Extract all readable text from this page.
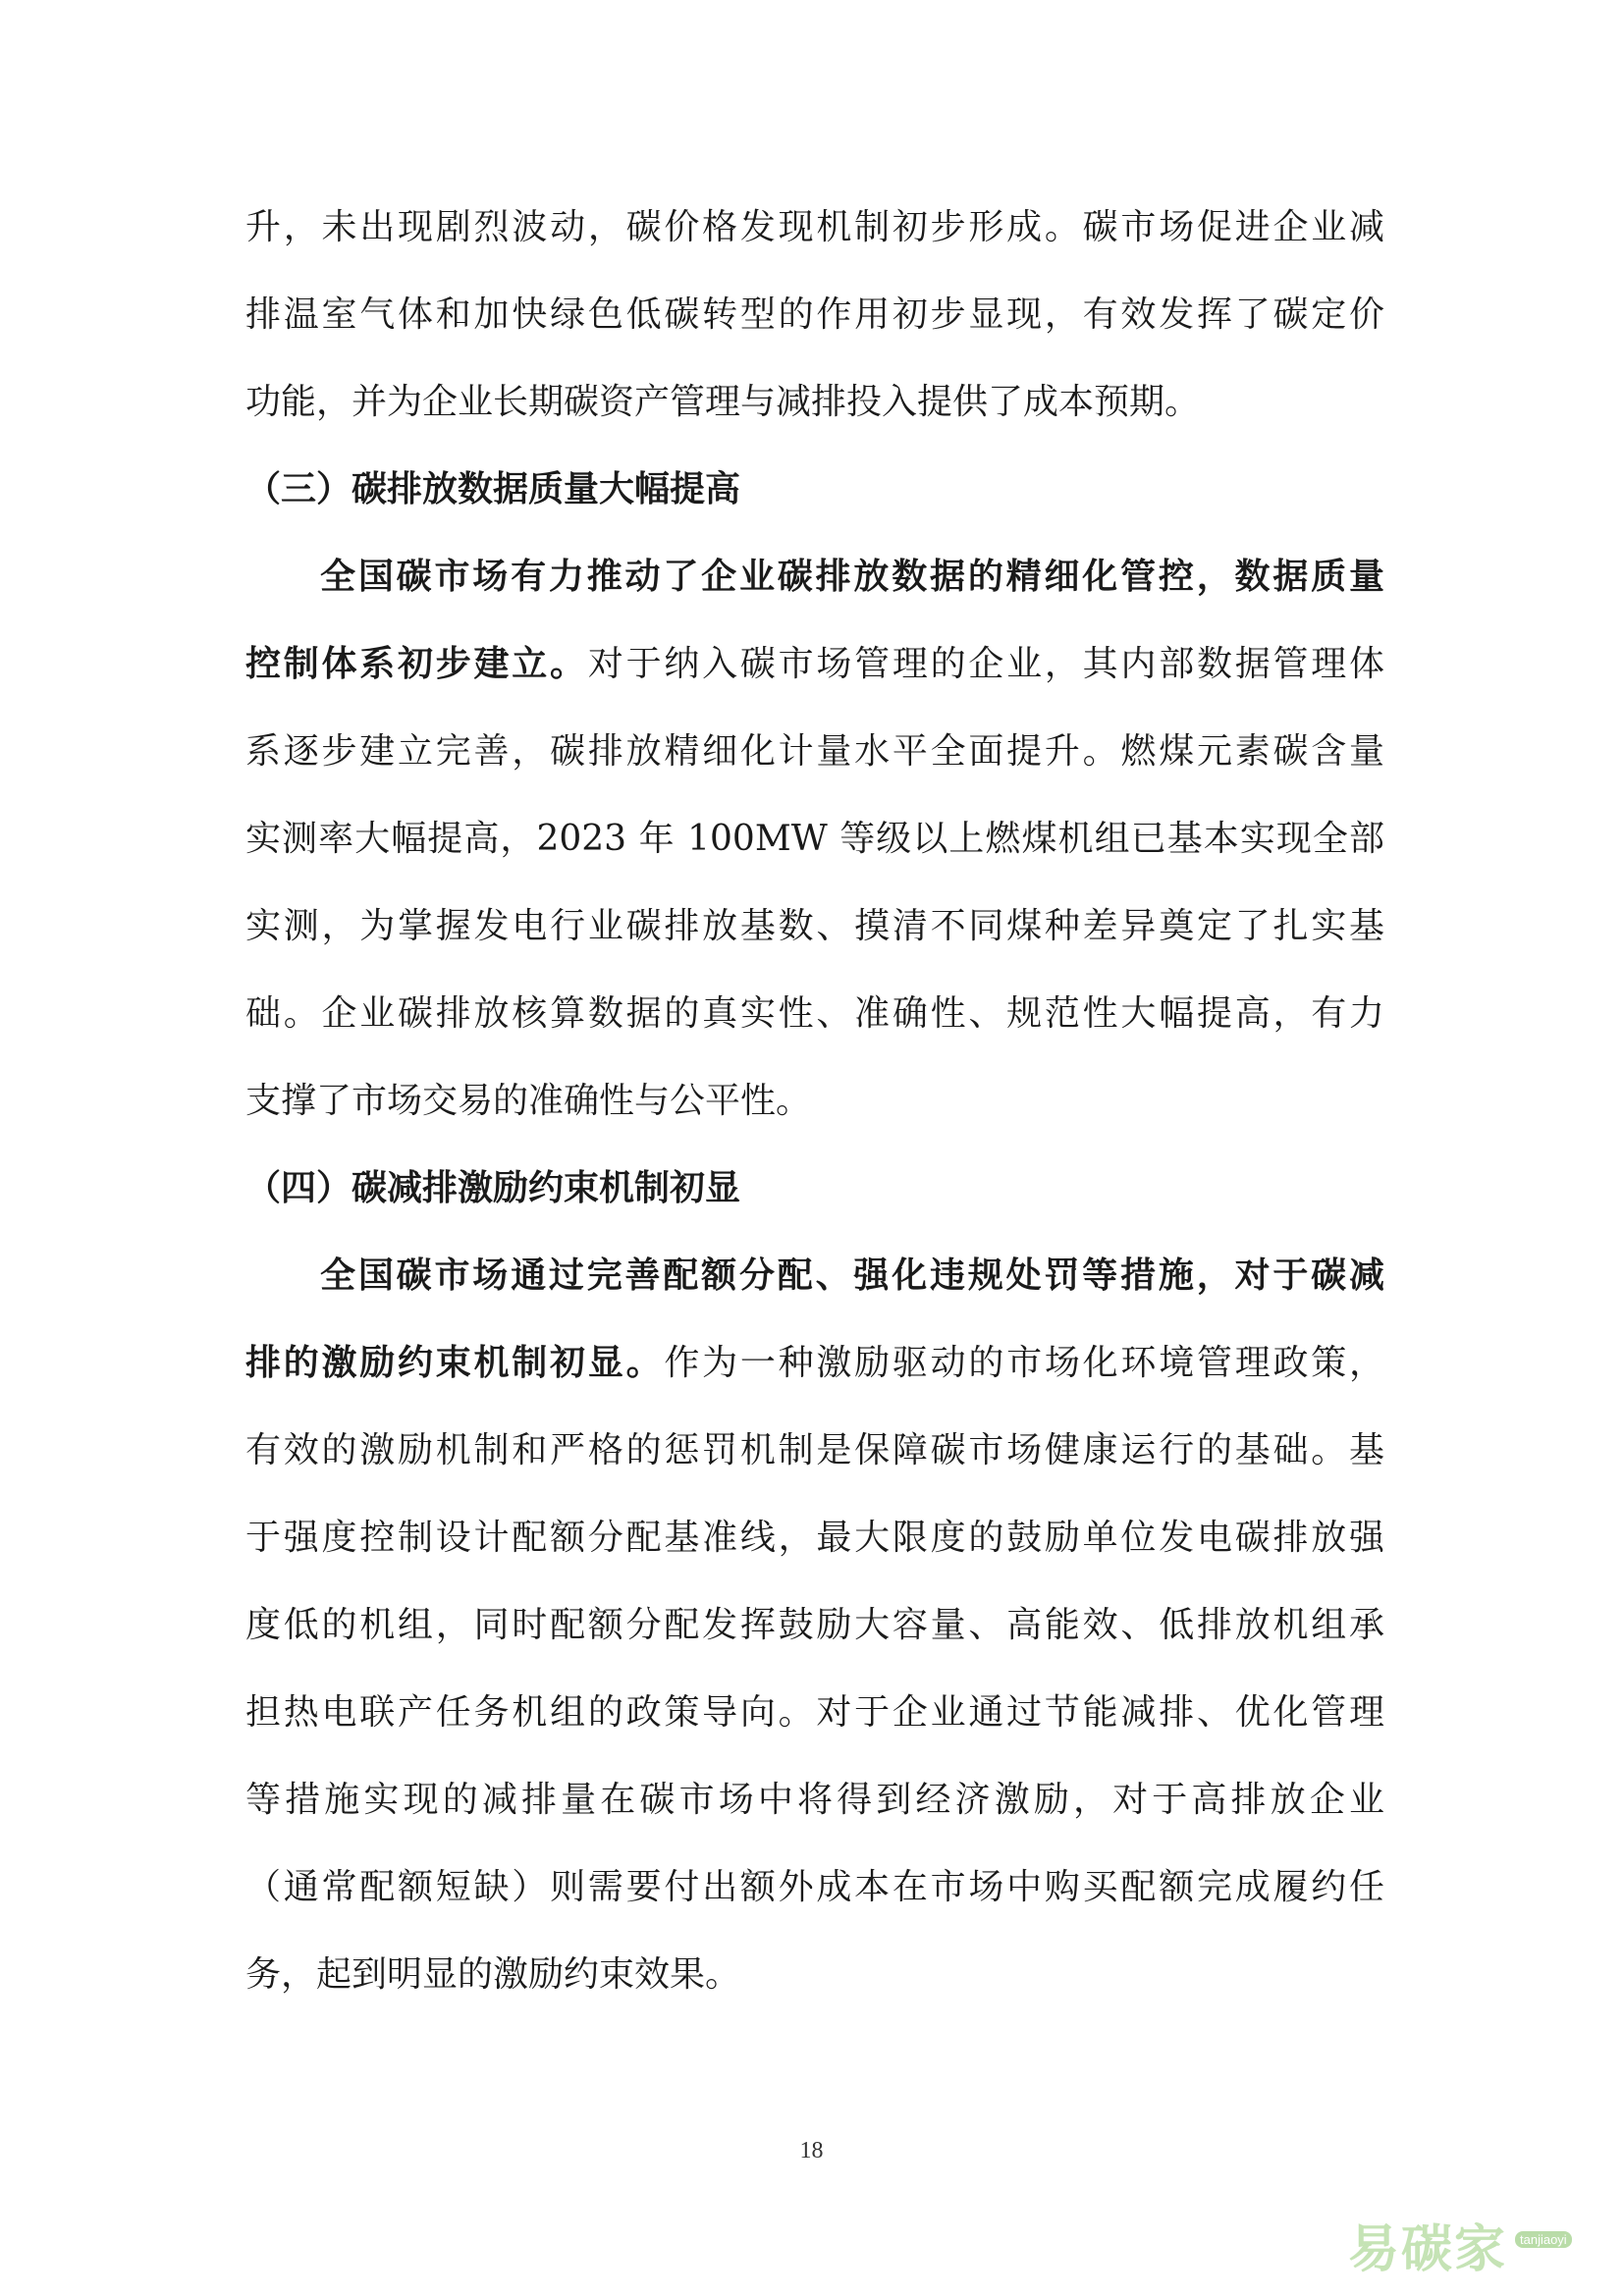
升，未出现剧烈波动，碳价格发现机制初步形成。碳市场促进企业减
排温室气体和加快绿色低碳转型的作用初步显现，有效发挥了碳定价
功能，并为企业长期碳资产管理与减排投入提供了成本预期。
（三）碳排放数据质量大幅提高
全国碳市场有力推动了企业碳排放数据的精细化管控，数据质量
控制体系初步建立。对于纳入碳市场管理的企业，其内部数据管理体
系逐步建立完善，碳排放精细化计量水平全面提升。燃煤元素碳含量
实测率大幅提高，2023 年 100MW 等级以上燃煤机组已基本实现全部
实测，为掌握发电行业碳排放基数、摸清不同煤种差异奠定了扎实基
础。企业碳排放核算数据的真实性、准确性、规范性大幅提高，有力
支撑了市场交易的准确性与公平性。
（四）碳减排激励约束机制初显
全国碳市场通过完善配额分配、强化违规处罚等措施，对于碳减
排的激励约束机制初显。作为一种激励驱动的市场化环境管理政策，
有效的激励机制和严格的惩罚机制是保障碳市场健康运行的基础。基
于强度控制设计配额分配基准线，最大限度的鼓励单位发电碳排放强
度低的机组，同时配额分配发挥鼓励大容量、高能效、低排放机组承
担热电联产任务机组的政策导向。对于企业通过节能减排、优化管理
等措施实现的减排量在碳市场中将得到经济激励，对于高排放企业
（通常配额短缺）则需要付出额外成本在市场中购买配额完成履约任
务，起到明显的激励约束效果。
18
易碳家 tanjiaoyi
